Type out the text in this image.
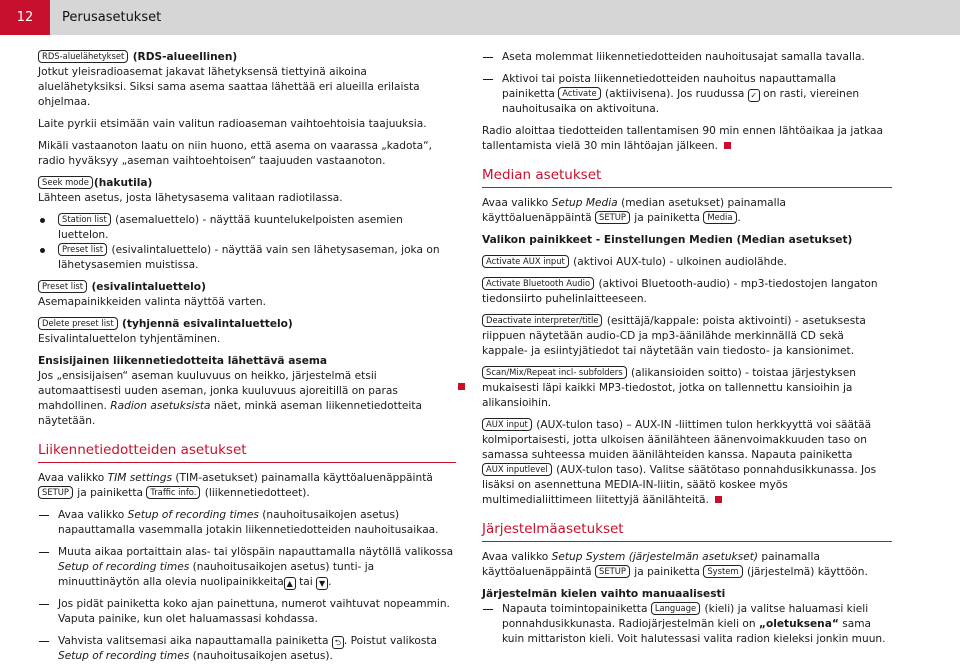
12	Perusasetukset

RDS-aluelähetykset (RDS-alueellinen)

Jotkut yleisradioasemat jakavat lähetyksensä tiettyinä aikoina aluelähetyksiksi. Siksi sama asema saattaa lähettää eri alueilla erilaista ohjelmaa.

Laite pyrkii etsimään vain valitun radioaseman vaihtoehtoisia taajuuksia.

Mikäli vastaanoton laatu on niin huono, että asema on vaarassa „kadota“, radio hyväksyy „aseman vaihtoehtoisen“ taajuuden vastaanoton.

Seek mode (hakutila)

Lähteen asetus, josta lähetysasema valitaan radiotilassa.

Station list (asemaluettelo) - näyttää kuuntelukelpoisten asemien luettelon.

Preset list (esivalintaluettelo) - näyttää vain sen lähetysaseman, joka on lähetysasemien muistissa.

Preset list (esivalintaluettelo)

Asemapainikkeiden valinta näyttöä varten.

Delete preset list (tyhjennä esivalintaluettelo)

Esivalintaluettelon tyhjentäminen.

Ensisijainen liikennetiedotteita lähettävä asema

Jos „ensisijaisen“ aseman kuuluvuus on heikko, järjestelmä etsii automaattisesti uuden aseman, jonka kuuluvuus ajoreitillä on paras mahdollinen. Radion asetuksista näet, minkä aseman liikennetiedotteita näytetään.

Liikennetiedotteiden asetukset

Avaa valikko TIM settings (TIM-asetukset) painamalla käyttöaluenäppäintä SETUP ja painiketta Traffic info. (liikennetiedotteet).

Avaa valikko Setup of recording times (nauhoitusaikojen asetus) napauttamalla vasemmalla jotakin liikennetiedotteiden nauhoitusaikaa.

Muuta aikaa portaittain alas- tai ylöspäin napauttamalla näytöllä valikossa Setup of recording times (nauhoitusaikojen asetus) tunti- ja minuuttinäytön alla olevia nuolipainikkeita ▲ tai ▼ .

Jos pidät painiketta koko ajan painettuna, numerot vaihtuvat nopeammin. Vaputa painike, kun olet haluamassasi kohdassa.

Vahvista valitsemasi aika napauttamalla painiketta ⮌ . Poistut valikosta Setup of recording times (nauhoitusaikojen asetus).

Aseta molemmat liikennetiedotteiden nauhoitusajat samalla tavalla.

Aktivoi tai poista liikennetiedotteiden nauhoitus napauttamalla painiketta Activate (aktiivisena). Jos ruudussa ✓ on rasti, viereinen nauhoitusaika on aktivoituna.

Radio aloittaa tiedotteiden tallentamisen 90 min ennen lähtöaikaa ja jatkaa tallentamista vielä 30 min lähtöajan jälkeen.

Median asetukset

Avaa valikko Setup Media (median asetukset) painamalla käyttöaluenäppäintä SETUP ja painiketta Media .

Valikon painikkeet - Einstellungen Medien (Median asetukset)

Activate AUX input (aktivoi AUX-tulo) - ulkoinen audiolähde.

Activate Bluetooth Audio (aktivoi Bluetooth-audio) - mp3-tiedostojen langaton tiedonsiirto puhelinlaitteeseen.

Deactivate interpreter/title (esittäjä/kappale: poista aktivointi) - asetuksesta riippuen näytetään audio-CD ja mp3-äänilähde merkinnällä CD sekä kappale- ja esiintyjätiedot tai näytetään vain tiedosto- ja kansionimet.

Scan/Mix/Repeat incl- subfolders (alikansioiden soitto) - toistaa järjestyksen mukaisesti läpi kaikki MP3-tiedostot, jotka on tallennettu kansioihin ja alikansioihin.

AUX input (AUX-tulon taso) – AUX-IN -liittimen tulon herkkyyttä voi säätää kolmiportaisesti, jotta ulkoisen äänilähteen äänenvoimakkuuden taso on samassa suhteessa muiden äänilähteiden kanssa. Napauta painiketta AUX inputlevel (AUX-tulon taso). Valitse säätötaso ponnahdusikkunassa. Jos lisäksi on asennettuna MEDIA-IN-liitin, säätö koskee myös multimedialiittimeen liitettyjä äänilähteitä.

Järjestelmäasetukset

Avaa valikko Setup System (järjestelmän asetukset) painamalla käyttöaluenäppäintä SETUP ja painiketta System (järjestelmä) käyttöön.

Järjestelmän kielen vaihto manuaalisesti

Napauta toimintopainiketta Language (kieli) ja valitse haluamasi kieli ponnahdusikkunasta. Radiojärjestelmän kieli on „oletuksena“ sama kuin mittariston kieli. Voit halutessasi valita radion kieleksi jonkin muun.
